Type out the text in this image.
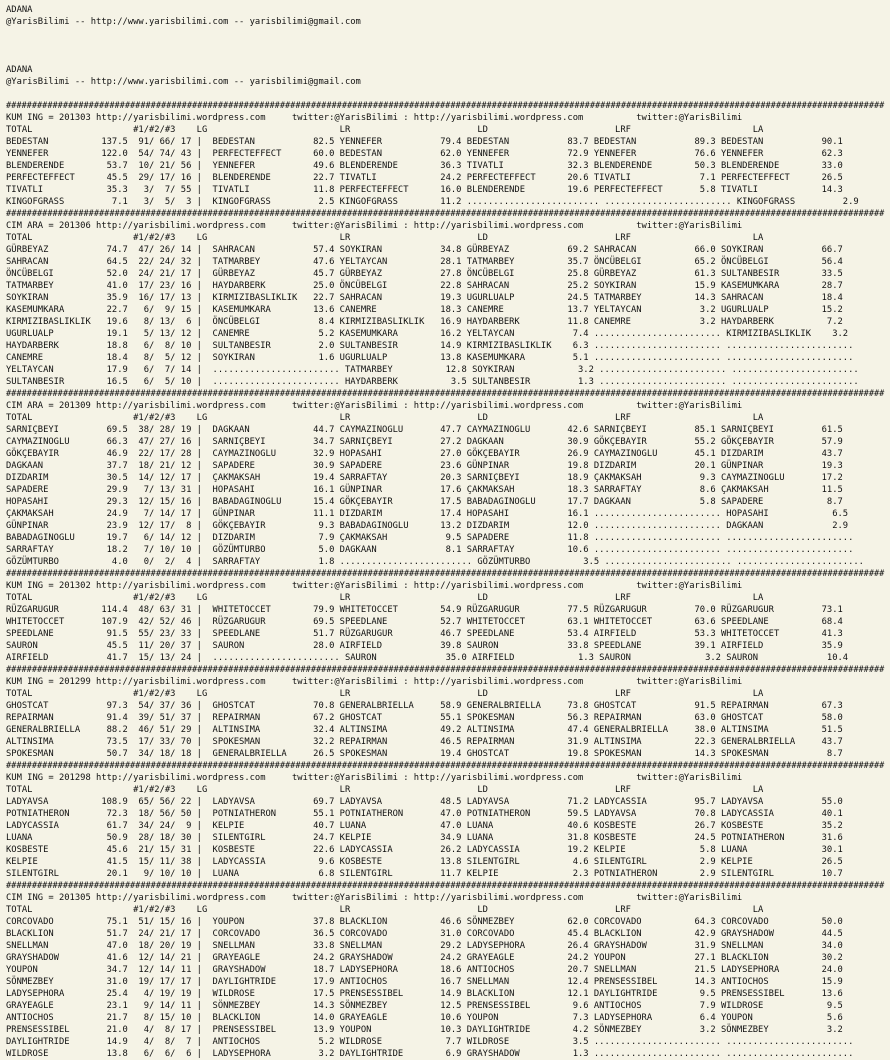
ADANA
@YarisBilimi -- http://www.yarisbilimi.com -- yarisbilimi@gmail.com
ADANA
@YarisBilimi -- http://www.yarisbilimi.com -- yarisbilimi@gmail.com
##########################################################################################################################################################################
KUM ING = 201303 http://yarisbilimi.wordpress.com     twitter:@YarisBilimi : http://yarisbilimi.wordpress.com          twitter:@YarisBilimi
TOTAL                   #1/#2/#3    LG                         LR                        LD                        LRF                       LA
BEDESTAN          137.5  91/ 66/ 17 |  BEDESTAN           82.5 YENNEFER           79.4 BEDESTAN           83.7 BEDESTAN           89.3 BEDESTAN           90.1
YENNEFER          122.0  54/ 74/ 43 |  PERFECTEFFECT      60.0 BEDESTAN           62.0 YENNEFER           72.9 YENNEFER           76.6 YENNEFER           62.3
BLENDERENDE        53.7  10/ 21/ 56 |  YENNEFER           49.6 BLENDERENDE        36.3 TIVATLI            32.3 BLENDERENDE        50.3 BLENDERENDE        33.0
PERFECTEFFECT      45.5  29/ 17/ 16 |  BLENDERENDE        22.7 TIVATLI            24.2 PERFECTEFFECT      20.6 TIVATLI             7.1 PERFECTEFFECT      26.5
TIVATLI            35.3   3/  7/ 55 |  TIVATLI            11.8 PERFECTEFFECT      16.0 BLENDERENDE        19.6 PERFECTEFFECT       5.8 TIVATLI            14.3
KINGOFGRASS         7.1   3/  5/  3 |  KINGOFGRASS         2.5 KINGOFGRASS        11.2 ......................... ........................ KINGOFGRASS         2.9
##########################################################################################################################################################################
CIM ARA = 201306 http://yarisbilimi.wordpress.com     twitter:@YarisBilimi : http://yarisbilimi.wordpress.com          twitter:@YarisBilimi
TOTAL                   #1/#2/#3    LG                         LR                        LD                        LRF                       LA
GÜRBEYAZ           74.7  47/ 26/ 14 |  SAHRACAN           57.4 SOYKIRAN           34.8 GÜRBEYAZ           69.2 SAHRACAN           66.0 SOYKIRAN           66.7
SAHRACAN           64.5  22/ 24/ 32 |  TATMARBEY          47.6 YELTAYCAN          28.1 TATMARBEY          35.7 ÖNCÜBELGI          65.2 ÖNCÜBELGI          56.4
ÖNCÜBELGI          52.0  24/ 21/ 17 |  GÜRBEYAZ           45.7 GÜRBEYAZ           27.8 ÖNCÜBELGI          25.8 GÜRBEYAZ           61.3 SULTANBESIR        33.5
TATMARBEY          41.0  17/ 23/ 16 |  HAYDARBERK         25.0 ÖNCÜBELGI          22.8 SAHRACAN           25.2 SOYKIRAN           15.9 KASEMUMKARA        28.7
SOYKIRAN           35.9  16/ 17/ 13 |  KIRMIZIBASLIKLIK   22.7 SAHRACAN           19.3 UGURLUALP          24.5 TATMARBEY          14.3 SAHRACAN           18.4
KASEMUMKARA        22.7   6/  9/ 15 |  KASEMUMKARA        13.6 CANEMRE            18.3 CANEMRE            13.7 YELTAYCAN           3.2 UGURLUALP          15.2
KIRMIZIBASLIKLIK   19.6   8/ 13/  6 |  ÖNCÜBELGI           8.4 KIRMIZIBASLIKLIK   16.9 HAYDARBERK         11.8 CANEMRE             3.2 HAYDARBERK          7.2
UGURLUALP          19.1   5/ 13/ 12 |  CANEMRE             5.2 KASEMUMKARA        16.2 YELTAYCAN           7.4 ........................ KIRMIZIBASLIKLIK    3.2
HAYDARBERK         18.8   6/  8/ 10 |  SULTANBESIR         2.0 SULTANBESIR        14.9 KIRMIZIBASLIKLIK    6.3 ........................ ........................
CANEMRE            18.4   8/  5/ 12 |  SOYKIRAN            1.6 UGURLUALP          13.8 KASEMUMKARA         5.1 ........................ ........................
YELTAYCAN          17.9   6/  7/ 14 |  ........................ TATMARBEY          12.8 SOYKIRAN            3.2 ........................ ........................
SULTANBESIR        16.5   6/  5/ 10 |  ........................ HAYDARBERK          3.5 SULTANBESIR         1.3 ........................ ........................
##########################################################################################################################################################################
CIM ARA = 201309 http://yarisbilimi.wordpress.com     twitter:@YarisBilimi : http://yarisbilimi.wordpress.com          twitter:@YarisBilimi
TOTAL                   #1/#2/#3    LG                         LR                        LD                        LRF                       LA
SARNIÇBEYI         69.5  38/ 28/ 19 |  DAGKAAN            44.7 CAYMAZINOGLU       47.7 CAYMAZINOGLU       42.6 SARNIÇBEYI         85.1 SARNIÇBEYI         61.5
CAYMAZINOGLU       66.3  47/ 27/ 16 |  SARNIÇBEYI         34.7 SARNIÇBEYI         27.2 DAGKAAN            30.9 GÖKÇEBAYIR         55.2 GÖKÇEBAYIR         57.9
GÖKÇEBAYIR         46.9  22/ 17/ 28 |  CAYMAZINOGLU       32.9 HOPASAHI           27.0 GÖKÇEBAYIR         26.9 CAYMAZINOGLU       45.1 DIZDARIM           43.7
DAGKAAN            37.7  18/ 21/ 12 |  SAPADERE           30.9 SAPADERE           23.6 GÜNPINAR           19.8 DIZDARIM           20.1 GÜNPINAR           19.3
DIZDARIM           30.5  14/ 12/ 17 |  ÇAKMAKSAH          19.4 SARRAFTAY          20.3 SARNIÇBEYI         18.9 ÇAKMAKSAH           9.3 CAYMAZINOGLU       17.2
SAPADERE           29.9   7/ 13/ 31 |  HOPASAHI           16.1 GÜNPINAR           17.6 ÇAKMAKSAH          18.3 SARRAFTAY           8.6 ÇAKMAKSAH          11.5
HOPASAHI           29.3  12/ 15/ 16 |  BABADAGINOGLU      15.4 GÖKÇEBAYIR         17.5 BABADAGINOGLU      17.7 DAGKAAN             5.8 SAPADERE            8.7
ÇAKMAKSAH          24.9   7/ 14/ 17 |  GÜNPINAR           11.1 DIZDARIM           17.4 HOPASAHI           16.1 ........................ HOPASAHI            6.5
GÜNPINAR           23.9  12/ 17/  8 |  GÖKÇEBAYIR          9.3 BABADAGINOGLU      13.2 DIZDARIM           12.0 ........................ DAGKAAN             2.9
BABADAGINOGLU      19.7   6/ 14/ 12 |  DIZDARIM            7.9 ÇAKMAKSAH           9.5 SAPADERE           11.8 ........................ ........................
SARRAFTAY          18.2   7/ 10/ 10 |  GÖZÜMTURBO          5.0 DAGKAAN             8.1 SARRAFTAY          10.6 ........................ ........................
GÖZÜMTURBO          4.0   0/  2/  4 |  SARRAFTAY           1.8 ......................... GÖZÜMTURBO          3.5 ........................ ........................
##########################################################################################################################################################################
KUM ING = 201302 http://yarisbilimi.wordpress.com     twitter:@YarisBilimi : http://yarisbilimi.wordpress.com          twitter:@YarisBilimi
TOTAL                   #1/#2/#3    LG                         LR                        LD                        LRF                       LA
RÜZGARUGUR        114.4  48/ 63/ 31 |  WHITETOCCET        79.9 WHITETOCCET        54.9 RÜZGARUGUR         77.5 RÜZGARUGUR         70.0 RÜZGARUGUR         73.1
WHITETOCCET       107.9  42/ 52/ 46 |  RÜZGARUGUR         69.5 SPEEDLANE          52.7 WHITETOCCET        63.1 WHITETOCCET        63.6 SPEEDLANE          68.4
SPEEDLANE          91.5  55/ 23/ 33 |  SPEEDLANE          51.7 RÜZGARUGUR         46.7 SPEEDLANE          53.4 AIRFIELD           53.3 WHITETOCCET        41.3
SAURON             45.5  11/ 20/ 37 |  SAURON             28.0 AIRFIELD           39.8 SAURON             33.8 SPEEDLANE          39.1 AIRFIELD           35.9
AIRFIELD           41.7  15/ 13/ 24 |  ........................ SAURON             35.0 AIRFIELD            1.3 SAURON              3.2 SAURON             10.4
##########################################################################################################################################################################
KUM ING = 201299 http://yarisbilimi.wordpress.com     twitter:@YarisBilimi : http://yarisbilimi.wordpress.com          twitter:@YarisBilimi
TOTAL                   #1/#2/#3    LG                         LR                        LD                        LRF                       LA
GHOSTCAT           97.3  54/ 37/ 36 |  GHOSTCAT           70.8 GENERALBRIELLA     58.9 GENERALBRIELLA     73.8 GHOSTCAT           91.5 REPAIRMAN          67.3
REPAIRMAN          91.4  39/ 51/ 37 |  REPAIRMAN          67.2 GHOSTCAT           55.1 SPOKESMAN          56.3 REPAIRMAN          63.0 GHOSTCAT           58.0
GENERALBRIELLA     88.2  46/ 51/ 29 |  ALTINSIMA          32.4 ALTINSIMA          49.2 ALTINSIMA          47.4 GENERALBRIELLA     38.0 ALTINSIMA          51.5
ALTINSIMA          73.5  17/ 33/ 70 |  SPOKESMAN          32.2 REPAIRMAN          46.5 REPAIRMAN          31.9 ALTINSIMA          22.3 GENERALBRIELLA     43.7
SPOKESMAN          50.7  34/ 18/ 18 |  GENERALBRIELLA     26.5 SPOKESMAN          19.4 GHOSTCAT           19.8 SPOKESMAN          14.3 SPOKESMAN           8.7
##########################################################################################################################################################################
KUM ING = 201298 http://yarisbilimi.wordpress.com     twitter:@YarisBilimi : http://yarisbilimi.wordpress.com          twitter:@YarisBilimi
TOTAL                   #1/#2/#3    LG                         LR                        LD                        LRF                       LA
LADYAVSA          108.9  65/ 56/ 22 |  LADYAVSA           69.7 LADYAVSA           48.5 LADYAVSA           71.2 LADYCASSIA         95.7 LADYAVSA           55.0
POTNIATHERON       72.3  18/ 56/ 50 |  POTNIATHERON       55.1 POTNIATHERON       47.0 POTNIATHERON       59.5 LADYAVSA           70.8 LADYCASSIA         40.1
LADYCASSIA         61.7  34/ 24/  9 |  KELPIE             40.7 LUANA              47.0 LUANA              40.6 KOSBESTE           26.7 KOSBESTE           35.2
LUANA              50.9  28/ 18/ 30 |  SILENTGIRL         24.7 KELPIE             34.9 LUANA              31.8 KOSBESTE           24.5 POTNIATHERON       31.6
KOSBESTE           45.6  21/ 15/ 31 |  KOSBESTE           22.6 LADYCASSIA         26.2 LADYCASSIA         19.2 KELPIE              5.8 LUANA              30.1
KELPIE             41.5  15/ 11/ 38 |  LADYCASSIA          9.6 KOSBESTE           13.8 SILENTGIRL          4.6 SILENTGIRL          2.9 KELPIE             26.5
SILENTGIRL         20.1   9/ 10/ 10 |  LUANA               6.8 SILENTGIRL         11.7 KELPIE              2.3 POTNIATHERON        2.9 SILENTGIRL         10.7
##########################################################################################################################################################################
CIM ING = 201305 http://yarisbilimi.wordpress.com     twitter:@YarisBilimi : http://yarisbilimi.wordpress.com          twitter:@YarisBilimi
TOTAL                   #1/#2/#3    LG                         LR                        LD                        LRF                       LA
CORCOVADO          75.1  51/ 15/ 16 |  YOUPON             37.8 BLACKLION          46.6 SÖNMEZBEY          62.0 CORCOVADO          64.3 CORCOVADO          50.0
BLACKLION          51.7  24/ 21/ 17 |  CORCOVADO          36.5 CORCOVADO          31.0 CORCOVADO          45.4 BLACKLION          42.9 GRAYSHADOW         44.5
SNELLMAN           47.0  18/ 20/ 19 |  SNELLMAN           33.8 SNELLMAN           29.2 LADYSEPHORA        26.4 GRAYSHADOW         31.9 SNELLMAN           34.0
GRAYSHADOW         41.6  12/ 14/ 21 |  GRAYEAGLE          24.2 GRAYSHADOW         24.2 GRAYEAGLE          24.2 YOUPON             27.1 BLACKLION          30.2
YOUPON             34.7  12/ 14/ 11 |  GRAYSHADOW         18.7 LADYSEPHORA        18.6 ANTIOCHOS          20.7 SNELLMAN           21.5 LADYSEPHORA        24.0
SÖNMEZBEY          31.0  19/ 17/ 17 |  DAYLIGHTRIDE       17.9 ANTIOCHOS          16.7 SNELLMAN           12.4 PRENSESSIBEL       14.3 ANTIOCHOS          15.9
LADYSEPHORA        25.4   4/ 19/ 19 |  WILDROSE           17.5 PRENSESSIBEL       14.9 BLACKLION          12.1 DAYLIGHTRIDE        9.5 PRENSESSIBEL       13.6
GRAYEAGLE          23.1   9/ 14/ 11 |  SÖNMEZBEY          14.3 SÖNMEZBEY          12.5 PRENSESSIBEL        9.6 ANTIOCHOS           7.9 WILDROSE            9.5
ANTIOCHOS          21.7   8/ 15/ 10 |  BLACKLION          14.0 GRAYEAGLE          10.6 YOUPON              7.3 LADYSEPHORA         6.4 YOUPON              5.6
PRENSESSIBEL       21.0   4/  8/ 17 |  PRENSESSIBEL       13.9 YOUPON             10.3 DAYLIGHTRIDE        4.2 SÖNMEZBEY           3.2 SÖNMEZBEY           3.2
DAYLIGHTRIDE       14.9   4/  8/  7 |  ANTIOCHOS           5.2 WILDROSE            7.7 WILDROSE            3.5 ........................ ........................
WILDROSE           13.8   6/  6/  6 |  LADYSEPHORA         3.2 DAYLIGHTRIDE        6.9 GRAYSHADOW          1.3 ........................ ........................
